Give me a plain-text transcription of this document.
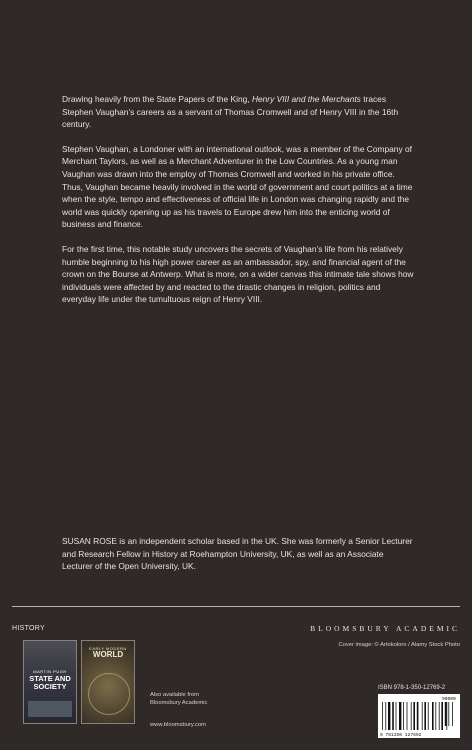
Drawing heavily from the State Papers of the King, Henry VIII and the Merchants traces Stephen Vaughan’s careers as a servant of Thomas Cromwell and of Henry VIII in the 16th century.

Stephen Vaughan, a Londoner with an international outlook, was a member of the Company of Merchant Taylors, as well as a Merchant Adventurer in the Low Countries. As a young man Vaughan was drawn into the employ of Thomas Cromwell and worked in his private office. Thus, Vaughan became heavily involved in the world of government and court politics at a time when the style, tempo and effectiveness of official life in London was changing rapidly and the world was quickly opening up as his travels to Europe drew him into the enticing world of business and finance.

For the first time, this notable study uncovers the secrets of Vaughan’s life from his relatively humble beginning to his high power career as an ambassador, spy, and financial agent of the crown on the Bourse at Antwerp. What is more, on a wider canvas this intimate tale shows how individuals were affected by and reacted to the drastic changes in religion, politics and everyday life under the tumultuous reign of Henry VIII.

SUSAN ROSE is an independent scholar based in the UK. She was formerly a Senior Lecturer and Research Fellow in History at Roehampton University, UK, as well as an Associate Lecturer of the Open University, UK.

HISTORY	BLOOMSBURY ACADEMIC
Cover image: © Artokoloro / Alamy Stock Photo
MARTIN PUGH
STATE AND SOCIETY
EARLY MODERN
WORLD
Also available from
Bloomsbury Academic
www.bloomsbury.com
ISBN 978-1-350-12769-2
9 781350 127692
90000
